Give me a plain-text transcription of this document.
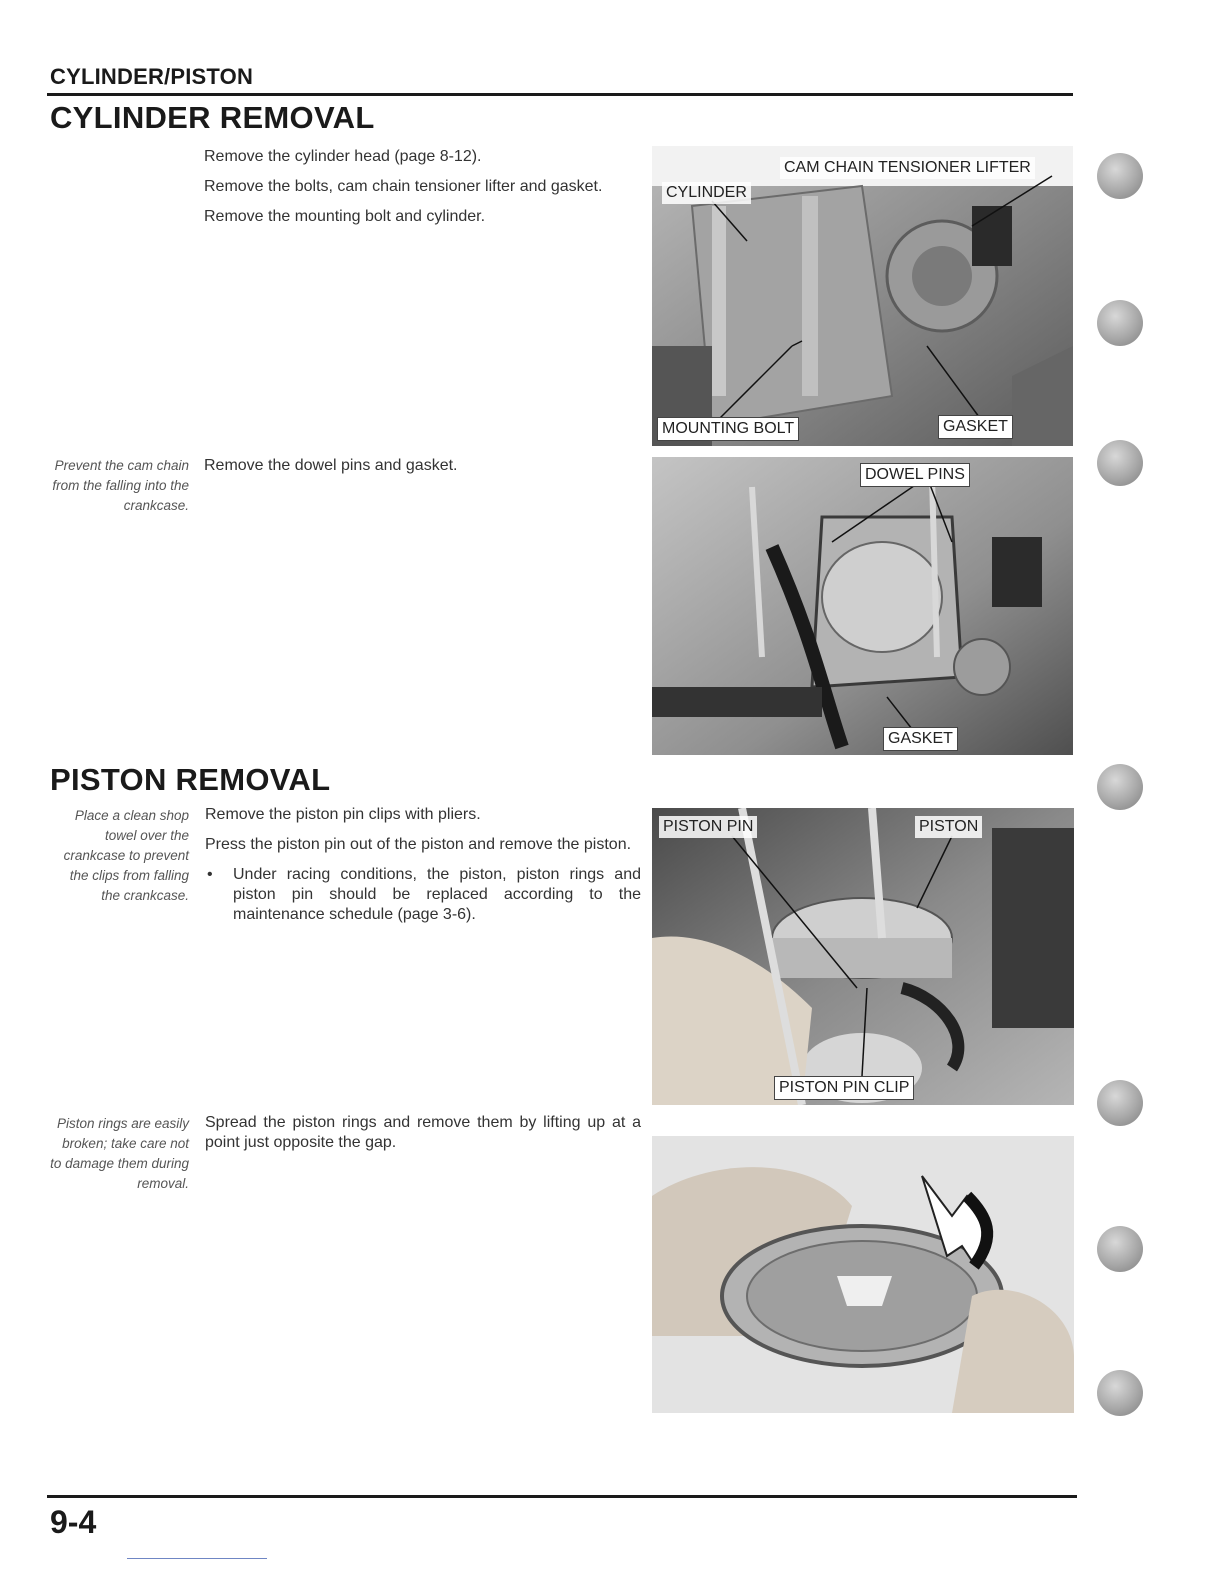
CYLINDER/PISTON
CYLINDER REMOVAL

Remove the cylinder head (page 8-12).

Remove the bolts, cam chain tensioner lifter and gasket.

Remove the mounting bolt and cylinder.

Prevent the cam chain from the falling into the crankcase.
Remove the dowel pins and gasket.
CYLINDER
CAM CHAIN TENSIONER LIFTER
MOUNTING BOLT	GASKET
DOWEL PINS
GASKET
PISTON REMOVAL
Place a clean shop towel over the crankcase to prevent the clips from falling the crankcase.

Remove the piston pin clips with pliers.

Press the piston pin out of the piston and remove the piston.

•	Under racing conditions, the piston, piston rings and piston pin should be replaced according to the maintenance schedule (page 3-6).
PISTON PIN	PISTON
PISTON PIN CLIP
Piston rings are easily broken; take care not to damage them during removal.
Spread the piston rings and remove them by lifting up at a point just opposite the gap.
9-4
